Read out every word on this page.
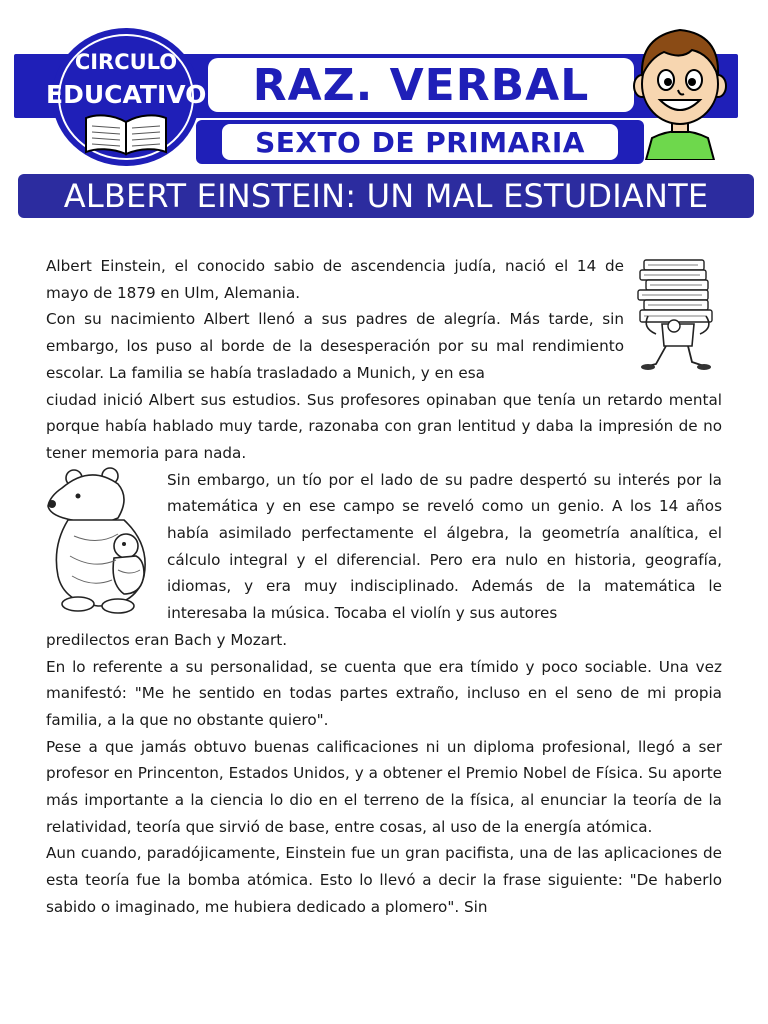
RAZ. VERBAL
SEXTO DE PRIMARIA
CIRCULO
EDUCATIVO
ALBERT EINSTEIN: UN MAL ESTUDIANTE

Albert Einstein, el conocido sabio de ascendencia judía, nació el 14 de mayo de 1879 en Ulm, Alemania.

Con su nacimiento Albert llenó a sus padres de alegría. Más tarde, sin embargo, los puso al borde de la desesperación por su mal rendimiento escolar. La familia se había trasladado a Munich, y en esa

ciudad inició Albert sus estudios. Sus profesores opinaban que tenía un retardo mental porque había hablado muy tarde, razonaba con gran lentitud y daba la impresión de no tener memoria para nada.

Sin embargo, un tío por el lado de su padre despertó su interés por la matemática y en ese campo se reveló como un genio. A los 14 años había asimilado perfectamente el álgebra, la geometría analítica, el cálculo integral y el diferencial. Pero era nulo en historia, geografía, idiomas, y era muy indisciplinado. Además de la matemática le interesaba la música. Tocaba el violín y sus autores

predilectos eran Bach y Mozart.

En lo referente a su personalidad, se cuenta que era tímido y poco sociable. Una vez manifestó: "Me he sentido en todas partes extraño, incluso en el seno de mi propia familia, a la que no obstante quiero".

Pese a que jamás obtuvo buenas calificaciones ni un diploma profesional, llegó a ser profesor en Princenton, Estados Unidos, y a obtener el Premio Nobel de Física. Su aporte más importante a la ciencia lo dio en el terreno de la física, al enunciar la teoría de la relatividad, teoría que sirvió de base, entre cosas, al uso de la energía atómica.

Aun cuando, paradójicamente, Einstein fue un gran pacifista, una de las aplicaciones de esta teoría fue la bomba atómica. Esto lo llevó a decir la frase siguiente: "De haberlo sabido o imaginado, me hubiera dedicado a plomero". Sin
